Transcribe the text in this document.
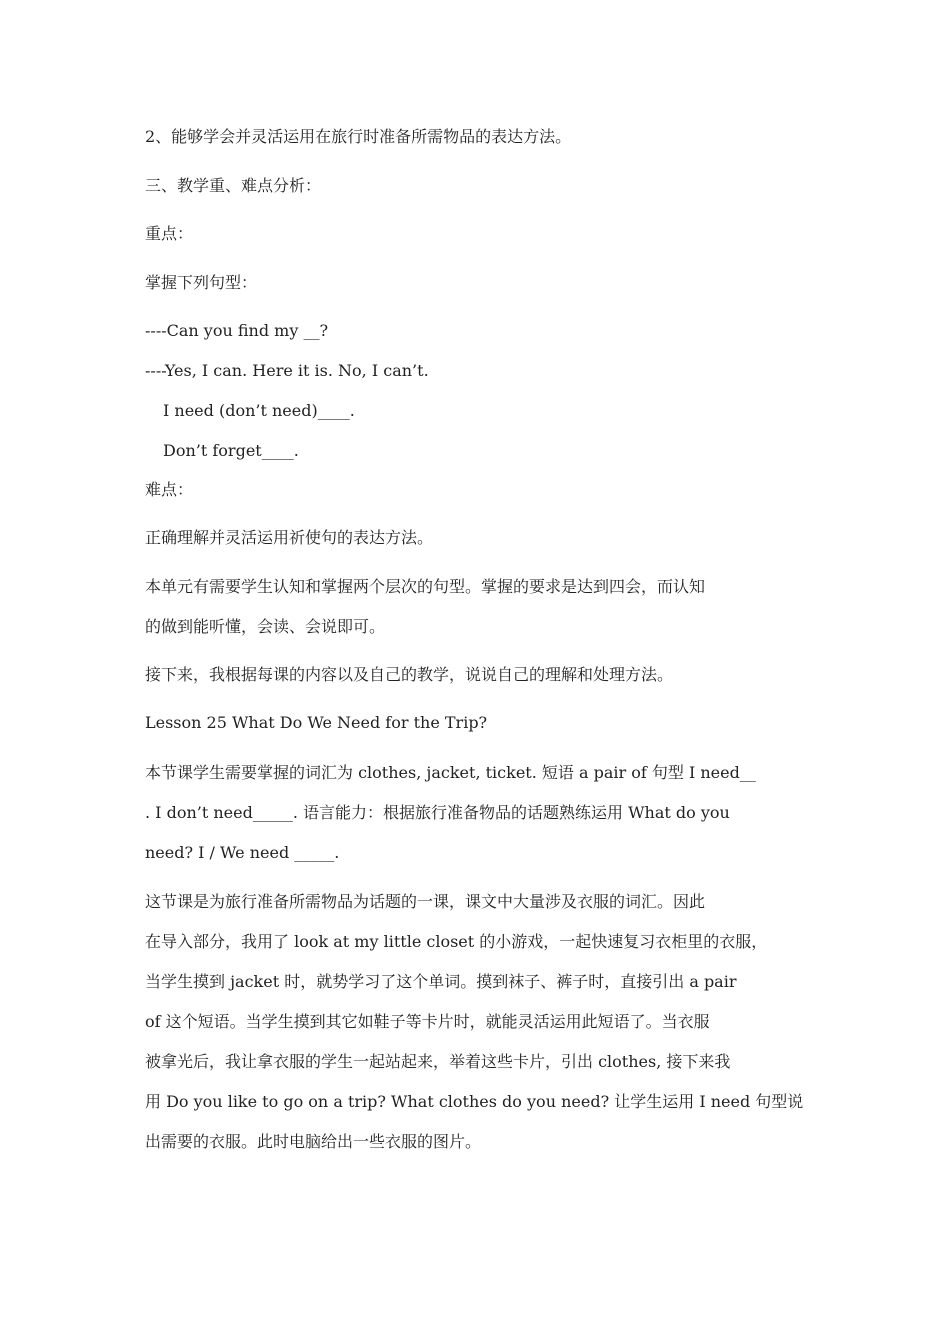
2、能够学会并灵活运用在旅行时准备所需物品的表达方法。

三、教学重、难点分析：

重点：

掌握下列句型：

----Can you find my __?

----Yes, I can. Here it is. No, I can’t.

I need (don’t need)____.

Don’t forget____.

难点：

正确理解并灵活运用祈使句的表达方法。

本单元有需要学生认知和掌握两个层次的句型。掌握的要求是达到四会，而认知
的做到能听懂，会读、会说即可。

接下来，我根据每课的内容以及自己的教学，说说自己的理解和处理方法。

Lesson 25 What Do We Need for the Trip?

本节课学生需要掌握的词汇为 clothes, jacket, ticket. 短语 a pair of 句型 I need__
. I don’t need_____. 语言能力：根据旅行准备物品的话题熟练运用 What do you
need? I / We need _____.
这节课是为旅行准备所需物品为话题的一课，课文中大量涉及衣服的词汇。因此
在导入部分，我用了 look at my little closet 的小游戏，一起快速复习衣柜里的衣服，
当学生摸到 jacket 时，就势学习了这个单词。摸到袜子、裤子时，直接引出 a pair
of 这个短语。当学生摸到其它如鞋子等卡片时，就能灵活运用此短语了。当衣服
被拿光后，我让拿衣服的学生一起站起来，举着这些卡片，引出 clothes, 接下来我
用 Do you like to go on a trip? What clothes do you need? 让学生运用 I need 句型说
出需要的衣服。此时电脑给出一些衣服的图片。
